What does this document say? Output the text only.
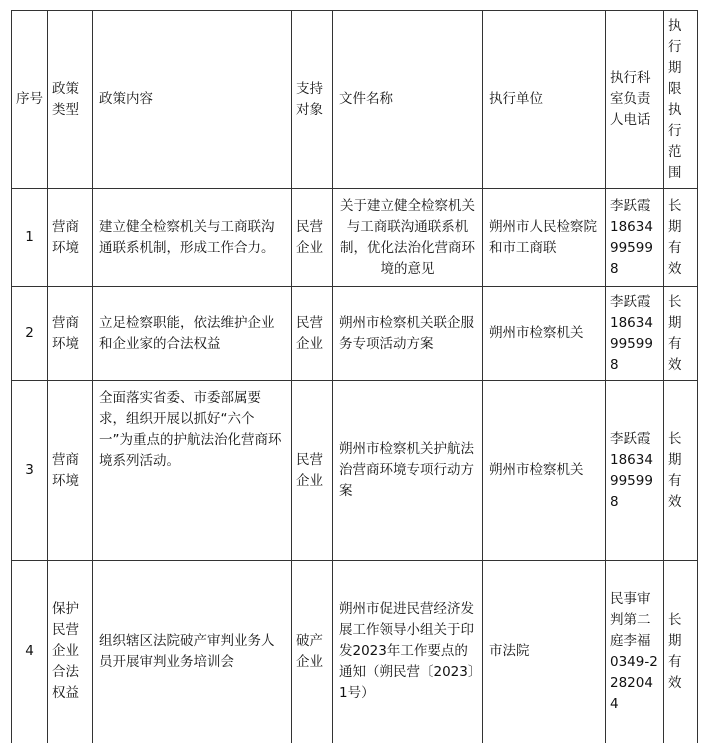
序号	政策类型	政策内容	支持对象	文件名称	执行单位	执行科室负责人电话	执行期限执行范围
1	营商环境	建立健全检察机关与工商联沟通联系机制，形成工作合力。	民营企业	关于建立健全检察机关与工商联沟通联系机制，优化法治化营商环境的意见	朔州市人民检察院和市工商联	李跃霞18634995998	长期有效
2	营商环境	立足检察职能，依法维护企业和企业家的合法权益	民营企业	朔州市检察机关联企服务专项活动方案	朔州市检察机关	李跃霞18634995998	长期有效
3	营商环境	全面落实省委、市委部属要求，组织开展以抓好“六个一”为重点的护航法治化营商环境系列活动。	民营企业	朔州市检察机关护航法治营商环境专项行动方案	朔州市检察机关	李跃霞18634995998	长期有效
4	保护民营企业合法权益	组织辖区法院破产审判业务人员开展审判业务培训会	破产企业	朔州市促进民营经济发展工作领导小组关于印发2023年工作要点的通知（朔民营〔2023〕1号）	市法院	民事审判第二庭李福0349-2282044	长期有效
